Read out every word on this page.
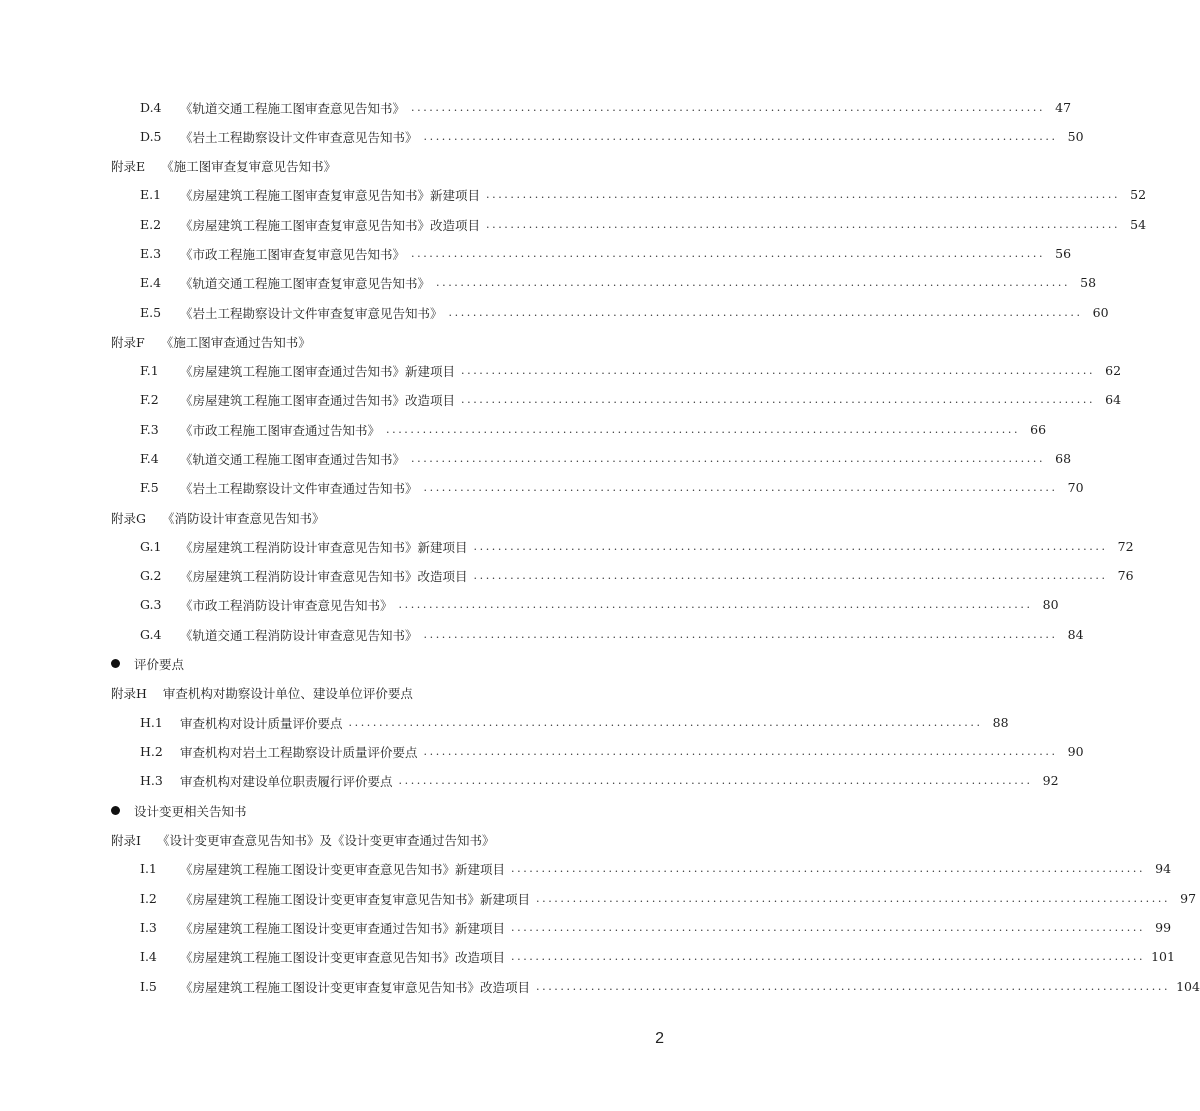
D.4	《轨道交通工程施工图审查意见告知书》 ........................................................................................................ 47
D.5	《岩土工程勘察设计文件审查意见告知书》 ........................................................................................................ 50
附录E 《施工图审查复审意见告知书》
E.1	《房屋建筑工程施工图审查复审意见告知书》新建项目 ........................................................................................................ 52
E.2	《房屋建筑工程施工图审查复审意见告知书》改造项目 ........................................................................................................ 54
E.3	《市政工程施工图审查复审意见告知书》 ........................................................................................................ 56
E.4	《轨道交通工程施工图审查复审意见告知书》 ........................................................................................................ 58
E.5	《岩土工程勘察设计文件审查复审意见告知书》 ........................................................................................................ 60
附录F 《施工图审查通过告知书》
F.1	《房屋建筑工程施工图审查通过告知书》新建项目 ........................................................................................................ 62
F.2	《房屋建筑工程施工图审查通过告知书》改造项目 ........................................................................................................ 64
F.3	《市政工程施工图审查通过告知书》 ........................................................................................................ 66
F.4	《轨道交通工程施工图审查通过告知书》 ........................................................................................................ 68
F.5	《岩土工程勘察设计文件审查通过告知书》 ........................................................................................................ 70
附录G 《消防设计审查意见告知书》
G.1	《房屋建筑工程消防设计审查意见告知书》新建项目 ........................................................................................................ 72
G.2	《房屋建筑工程消防设计审查意见告知书》改造项目 ........................................................................................................ 76
G.3	《市政工程消防设计审查意见告知书》 ........................................................................................................ 80
G.4	《轨道交通工程消防设计审查意见告知书》 ........................................................................................................ 84
评价要点
附录H 审查机构对勘察设计单位、建设单位评价要点
H.1	审查机构对设计质量评价要点 ........................................................................................................ 88
H.2	审查机构对岩土工程勘察设计质量评价要点 ........................................................................................................ 90
H.3	审查机构对建设单位职责履行评价要点 ........................................................................................................ 92
设计变更相关告知书
附录I 《设计变更审查意见告知书》及《设计变更审查通过告知书》
I.1	《房屋建筑工程施工图设计变更审查意见告知书》新建项目 ........................................................................................................ 94
I.2	《房屋建筑工程施工图设计变更审查复审意见告知书》新建项目 ........................................................................................................ 97
I.3	《房屋建筑工程施工图设计变更审查通过告知书》新建项目 ........................................................................................................ 99
I.4	《房屋建筑工程施工图设计变更审查意见告知书》改造项目 ........................................................................................................ 101
I.5	《房屋建筑工程施工图设计变更审查复审意见告知书》改造项目 ........................................................................................................ 104
2
